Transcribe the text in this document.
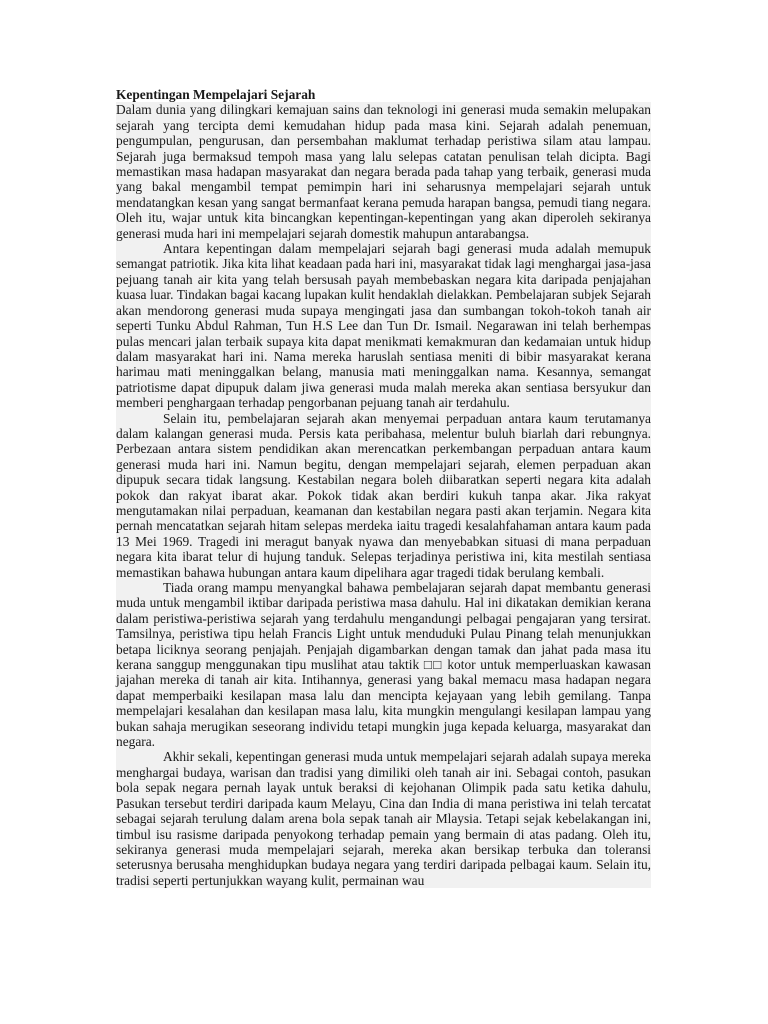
Kepentingan Mempelajari Sejarah

Dalam dunia yang dilingkari kemajuan sains dan teknologi ini generasi muda semakin melupakan sejarah yang tercipta demi kemudahan hidup pada masa kini. Sejarah adalah penemuan, pengumpulan, pengurusan, dan persembahan maklumat terhadap peristiwa silam atau lampau. Sejarah juga bermaksud tempoh masa yang lalu selepas catatan penulisan telah dicipta. Bagi memastikan masa hadapan masyarakat dan negara berada pada tahap yang terbaik, generasi muda yang bakal mengambil tempat pemimpin hari ini seharusnya mempelajari sejarah untuk mendatangkan kesan yang sangat bermanfaat kerana pemuda harapan bangsa, pemudi tiang negara. Oleh itu, wajar untuk kita bincangkan kepentingan-kepentingan yang akan diperoleh sekiranya generasi muda hari ini mempelajari sejarah domestik mahupun antarabangsa.

Antara kepentingan dalam mempelajari sejarah bagi generasi muda adalah memupuk semangat patriotik. Jika kita lihat keadaan pada hari ini, masyarakat tidak lagi menghargai jasa-jasa pejuang tanah air kita yang telah bersusah payah membebaskan negara kita daripada penjajahan kuasa luar. Tindakan bagai kacang lupakan kulit hendaklah dielakkan. Pembelajaran subjek Sejarah akan mendorong generasi muda supaya mengingati jasa dan sumbangan tokoh-tokoh tanah air seperti Tunku Abdul Rahman, Tun H.S Lee dan Tun Dr. Ismail. Negarawan ini telah berhempas pulas mencari jalan terbaik supaya kita dapat menikmati kemakmuran dan kedamaian untuk hidup dalam masyarakat hari ini. Nama mereka haruslah sentiasa meniti di bibir masyarakat kerana harimau mati meninggalkan belang, manusia mati meninggalkan nama. Kesannya, semangat patriotisme dapat dipupuk dalam jiwa generasi muda malah mereka akan sentiasa bersyukur dan memberi penghargaan terhadap pengorbanan pejuang tanah air terdahulu.

Selain itu, pembelajaran sejarah akan menyemai perpaduan antara kaum terutamanya dalam kalangan generasi muda. Persis kata peribahasa, melentur buluh biarlah dari rebungnya. Perbezaan antara sistem pendidikan akan merencatkan perkembangan perpaduan antara kaum generasi muda hari ini. Namun begitu, dengan mempelajari sejarah, elemen perpaduan akan dipupuk secara tidak langsung. Kestabilan negara boleh diibaratkan seperti negara kita adalah pokok dan rakyat ibarat akar. Pokok tidak akan berdiri kukuh tanpa akar. Jika rakyat mengutamakan nilai perpaduan, keamanan dan kestabilan negara pasti akan terjamin. Negara kita pernah mencatatkan sejarah hitam selepas merdeka iaitu tragedi kesalahfahaman antara kaum pada 13 Mei 1969. Tragedi ini meragut banyak nyawa dan menyebabkan situasi di mana perpaduan negara kita ibarat telur di hujung tanduk. Selepas terjadinya peristiwa ini, kita mestilah sentiasa memastikan bahawa hubungan antara kaum dipelihara agar tragedi tidak berulang kembali.

Tiada orang mampu menyangkal bahawa pembelajaran sejarah dapat membantu generasi muda untuk mengambil iktibar daripada peristiwa masa dahulu. Hal ini dikatakan demikian kerana dalam peristiwa-peristiwa sejarah yang terdahulu mengandungi pelbagai pengajaran yang tersirat. Tamsilnya, peristiwa tipu helah Francis Light untuk menduduki Pulau Pinang telah menunjukkan betapa liciknya seorang penjajah. Penjajah digambarkan dengan tamak dan jahat pada masa itu kerana sanggup menggunakan tipu muslihat atau taktik □□ kotor untuk memperluaskan kawasan jajahan mereka di tanah air kita. Intihannya, generasi yang bakal memacu masa hadapan negara dapat memperbaiki kesilapan masa lalu dan mencipta kejayaan yang lebih gemilang. Tanpa mempelajari kesalahan dan kesilapan masa lalu, kita mungkin mengulangi kesilapan lampau yang bukan sahaja merugikan seseorang individu tetapi mungkin juga kepada keluarga, masyarakat dan negara.

Akhir sekali, kepentingan generasi muda untuk mempelajari sejarah adalah supaya mereka menghargai budaya, warisan dan tradisi yang dimiliki oleh tanah air ini. Sebagai contoh, pasukan bola sepak negara pernah layak untuk beraksi di kejohanan Olimpik pada satu ketika dahulu, Pasukan tersebut terdiri daripada kaum Melayu, Cina dan India di mana peristiwa ini telah tercatat sebagai sejarah terulung dalam arena bola sepak tanah air Mlaysia. Tetapi sejak kebelakangan ini, timbul isu rasisme daripada penyokong terhadap pemain yang bermain di atas padang. Oleh itu, sekiranya generasi muda mempelajari sejarah, mereka akan bersikap terbuka dan toleransi seterusnya berusaha menghidupkan budaya negara yang terdiri daripada pelbagai kaum. Selain itu, tradisi seperti pertunjukkan wayang kulit, permainan wau
